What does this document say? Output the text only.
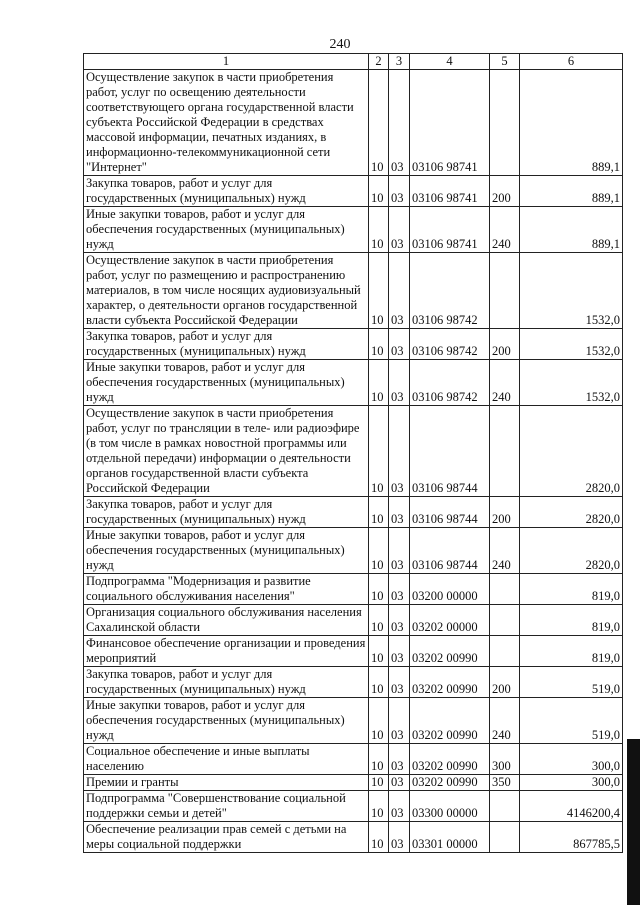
240
1	2	3	4	5	6
Осуществление закупок в части приобретения работ, услуг по освещению деятельности соответствующего органа государственной власти субъекта Российской Федерации в средствах массовой информации, печатных изданиях, в информационно-телекоммуникационной сети "Интернет"	10	03	03106 98741		889,1
Закупка товаров, работ и услуг для государственных (муниципальных) нужд	10	03	03106 98741	200	889,1
Иные закупки товаров, работ и услуг для обеспечения государственных (муниципальных) нужд	10	03	03106 98741	240	889,1
Осуществление закупок в части приобретения работ, услуг по размещению и распространению материалов, в том числе носящих аудиовизуальный характер, о деятельности органов государственной власти субъекта Российской Федерации	10	03	03106 98742		1532,0
Закупка товаров, работ и услуг для государственных (муниципальных) нужд	10	03	03106 98742	200	1532,0
Иные закупки товаров, работ и услуг для обеспечения государственных (муниципальных) нужд	10	03	03106 98742	240	1532,0
Осуществление закупок в части приобретения работ, услуг по трансляции в теле- или радиоэфире (в том числе в рамках новостной программы или отдельной передачи) информации о деятельности органов государственной власти субъекта Российской Федерации	10	03	03106 98744		2820,0
Закупка товаров, работ и услуг для государственных (муниципальных) нужд	10	03	03106 98744	200	2820,0
Иные закупки товаров, работ и услуг для обеспечения государственных (муниципальных) нужд	10	03	03106 98744	240	2820,0
Подпрограмма "Модернизация и развитие социального обслуживания населения"	10	03	03200 00000		819,0
Организация социального обслуживания населения Сахалинской области	10	03	03202 00000		819,0
Финансовое обеспечение организации и проведения мероприятий	10	03	03202 00990		819,0
Закупка товаров, работ и услуг для государственных (муниципальных) нужд	10	03	03202 00990	200	519,0
Иные закупки товаров, работ и услуг для обеспечения государственных (муниципальных) нужд	10	03	03202 00990	240	519,0
Социальное обеспечение и иные выплаты населению	10	03	03202 00990	300	300,0
Премии и гранты	10	03	03202 00990	350	300,0
Подпрограмма "Совершенствование социальной поддержки семьи и детей"	10	03	03300 00000		4146200,4
Обеспечение реализации прав семей с детьми на меры социальной поддержки	10	03	03301 00000		867785,5
